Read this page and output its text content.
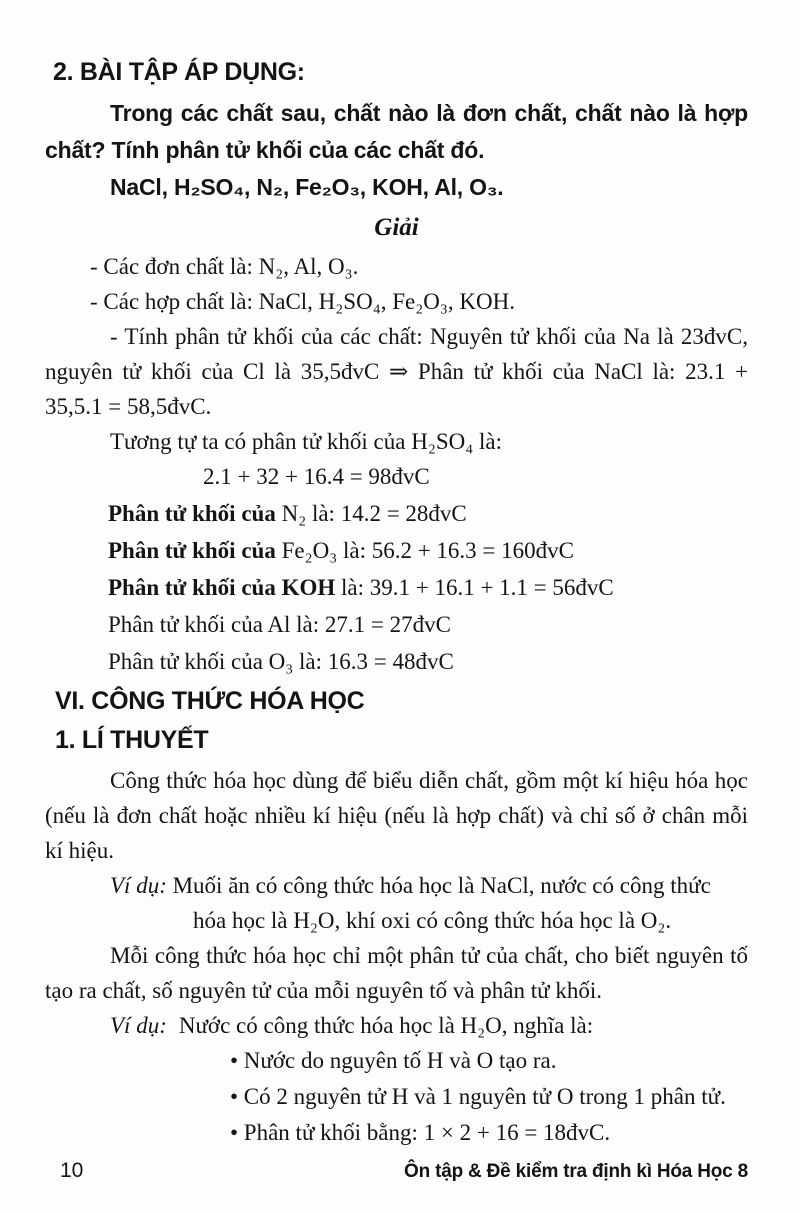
2. BÀI TẬP ÁP DỤNG:
Trong các chất sau, chất nào là đơn chất, chất nào là hợp chất? Tính phân tử khối của các chất đó.
NaCl, H₂SO₄, N₂, Fe₂O₃, KOH, Al, O₃.
Giải
- Các đơn chất là: N₂, Al, O₃.
- Các hợp chất là: NaCl, H₂SO₄, Fe₂O₃, KOH.
- Tính phân tử khối của các chất: Nguyên tử khối của Na là 23đvC, nguyên tử khối của Cl là 35,5đvC ⇒ Phân tử khối của NaCl là: 23.1 + 35,5.1 = 58,5đvC.
Tương tự ta có phân tử khối của H₂SO₄ là:
2.1 + 32 + 16.4 = 98đvC
Phân tử khối của N₂ là: 14.2 = 28đvC
Phân tử khối của Fe₂O₃ là: 56.2 + 16.3 = 160đvC
Phân tử khối của KOH là: 39.1 + 16.1 + 1.1 = 56đvC
Phân tử khối của Al là: 27.1 = 27đvC
Phân tử khối của O₃ là: 16.3 = 48đvC
VI. CÔNG THỨC HÓA HỌC
1. LÍ THUYẾT
Công thức hóa học dùng để biểu diễn chất, gồm một kí hiệu hóa học (nếu là đơn chất hoặc nhiều kí hiệu (nếu là hợp chất) và chỉ số ở chân mỗi kí hiệu.
Ví dụ: Muối ăn có công thức hóa học là NaCl, nước có công thức
hóa học là H₂O, khí oxi có công thức hóa học là O₂.
Mỗi công thức hóa học chỉ một phân tử của chất, cho biết nguyên tố tạo ra chất, số nguyên tử của mỗi nguyên tố và phân tử khối.
Ví dụ: Nước có công thức hóa học là H₂O, nghĩa là:
• Nước do nguyên tố H và O tạo ra.
• Có 2 nguyên tử H và 1 nguyên tử O trong 1 phân tử.
• Phân tử khối bằng: 1 × 2 + 16 = 18đvC.
10	Ôn tập & Đề kiểm tra định kì Hóa Học 8
